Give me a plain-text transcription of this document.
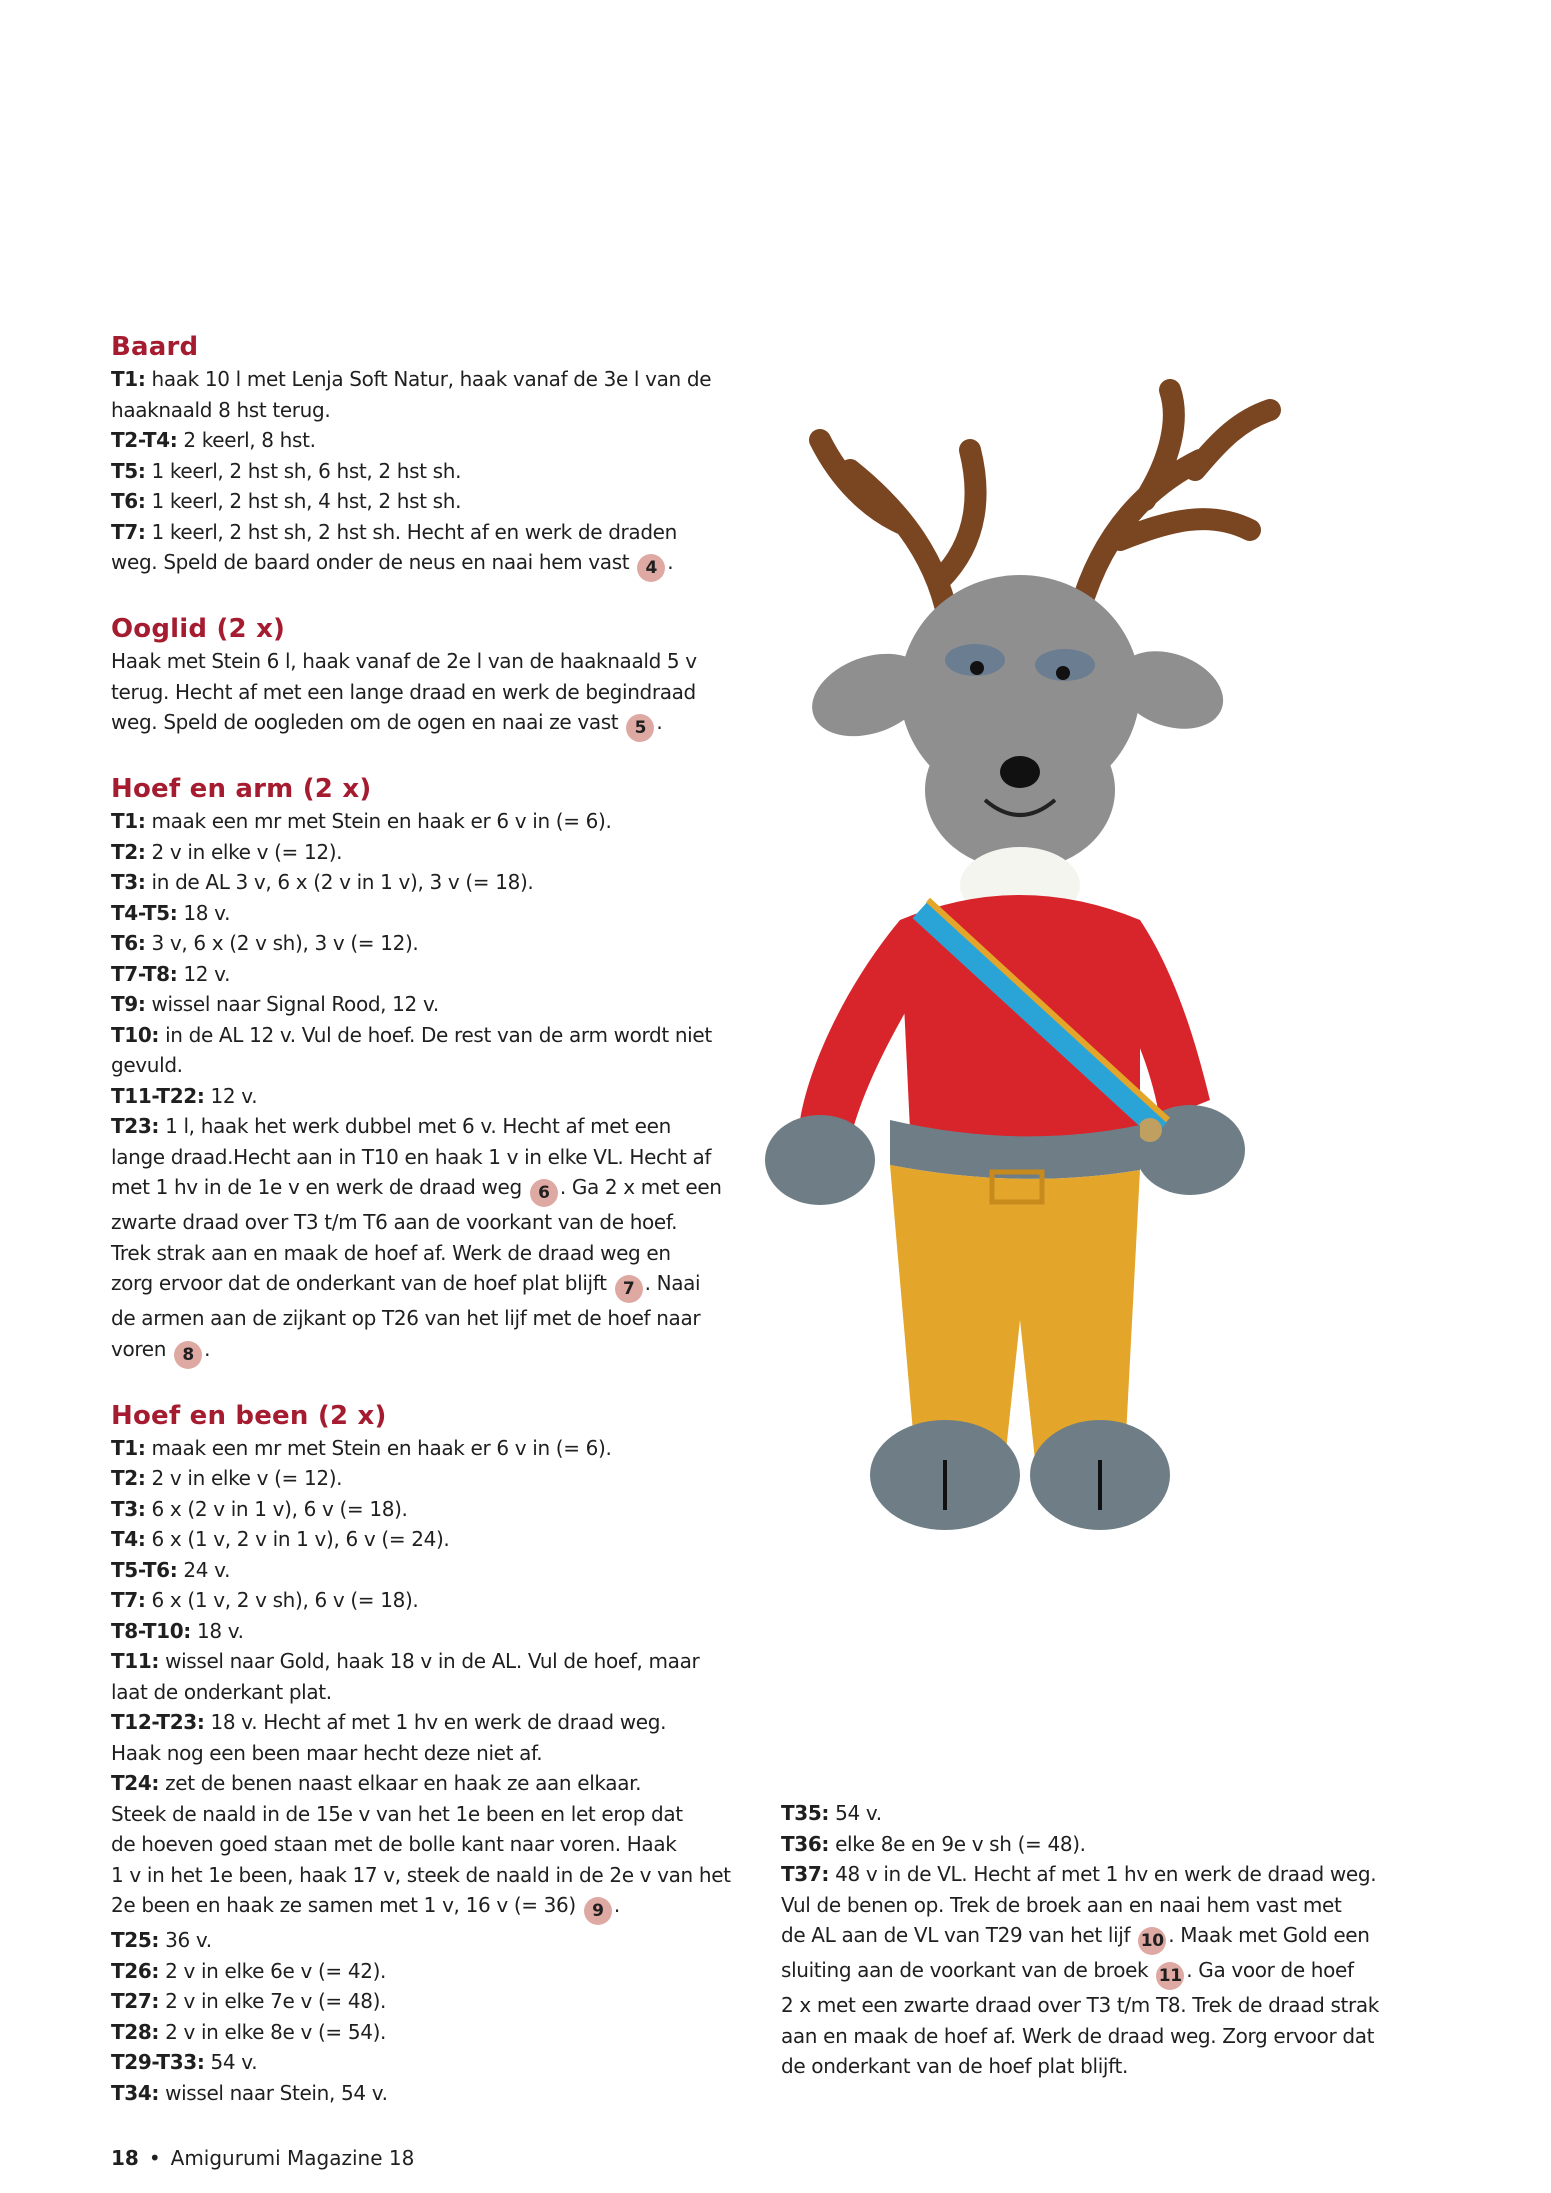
Baard
T1: haak 10 l met Lenja Soft Natur, haak vanaf de 3e l van de
haaknaald 8 hst terug.
T2-T4: 2 keerl, 8 hst.
T5: 1 keerl, 2 hst sh, 6 hst, 2 hst sh.
T6: 1 keerl, 2 hst sh, 4 hst, 2 hst sh.
T7: 1 keerl, 2 hst sh, 2 hst sh. Hecht af en werk de draden
weg. Speld de baard onder de neus en naai hem vast 4 .
Ooglid (2 x)
Haak met Stein 6 l, haak vanaf de 2e l van de haaknaald 5 v
terug. Hecht af met een lange draad en werk de begindraad
weg. Speld de oogleden om de ogen en naai ze vast 5 .
Hoef en arm (2 x)
T1: maak een mr met Stein en haak er 6 v in (= 6).
T2: 2 v in elke v (= 12).
T3: in de AL 3 v, 6 x (2 v in 1 v), 3 v (= 18).
T4-T5: 18 v.
T6: 3 v, 6 x (2 v sh), 3 v (= 12).
T7-T8: 12 v.
T9: wissel naar Signal Rood, 12 v.
T10: in de AL 12 v. Vul de hoef. De rest van de arm wordt niet
gevuld.
T11-T22: 12 v.
T23: 1 l, haak het werk dubbel met 6 v. Hecht af met een
lange draad.Hecht aan in T10 en haak 1 v in elke VL. Hecht af
met 1 hv in de 1e v en werk de draad weg 6 . Ga 2 x met een
zwarte draad over T3 t/m T6 aan de voorkant van de hoef.
Trek strak aan en maak de hoef af. Werk de draad weg en
zorg ervoor dat de onderkant van de hoef plat blijft 7 . Naai
de armen aan de zijkant op T26 van het lijf met de hoef naar
voren 8 .
Hoef en been (2 x)
T1: maak een mr met Stein en haak er 6 v in (= 6).
T2: 2 v in elke v (= 12).
T3: 6 x (2 v in 1 v), 6 v (= 18).
T4: 6 x (1 v, 2 v in 1 v), 6 v (= 24).
T5-T6: 24 v.
T7: 6 x (1 v, 2 v sh), 6 v (= 18).
T8-T10: 18 v.
T11: wissel naar Gold, haak 18 v in de AL. Vul de hoef, maar
laat de onderkant plat.
T12-T23: 18 v. Hecht af met 1 hv en werk de draad weg.
Haak nog een been maar hecht deze niet af.
T24: zet de benen naast elkaar en haak ze aan elkaar.
Steek de naald in de 15e v van het 1e been en let erop dat
de hoeven goed staan met de bolle kant naar voren. Haak
1 v in het 1e been, haak 17 v, steek de naald in de 2e v van het
2e been en haak ze samen met 1 v, 16 v (= 36) 9 .
T25: 36 v.
T26: 2 v in elke 6e v (= 42).
T27: 2 v in elke 7e v (= 48).
T28: 2 v in elke 8e v (= 54).
T29-T33: 54 v.
T34: wissel naar Stein, 54 v.
T35: 54 v.
T36: elke 8e en 9e v sh (= 48).
T37: 48 v in de VL. Hecht af met 1 hv en werk de draad weg.
Vul de benen op. Trek de broek aan en naai hem vast met
de AL aan de VL van T29 van het lijf 10 . Maak met Gold een
sluiting aan de voorkant van de broek 11 . Ga voor de hoef
2 x met een zwarte draad over T3 t/m T8. Trek de draad strak
aan en maak de hoef af. Werk de draad weg. Zorg ervoor dat
de onderkant van de hoef plat blijft.
18 • Amigurumi Magazine 18
